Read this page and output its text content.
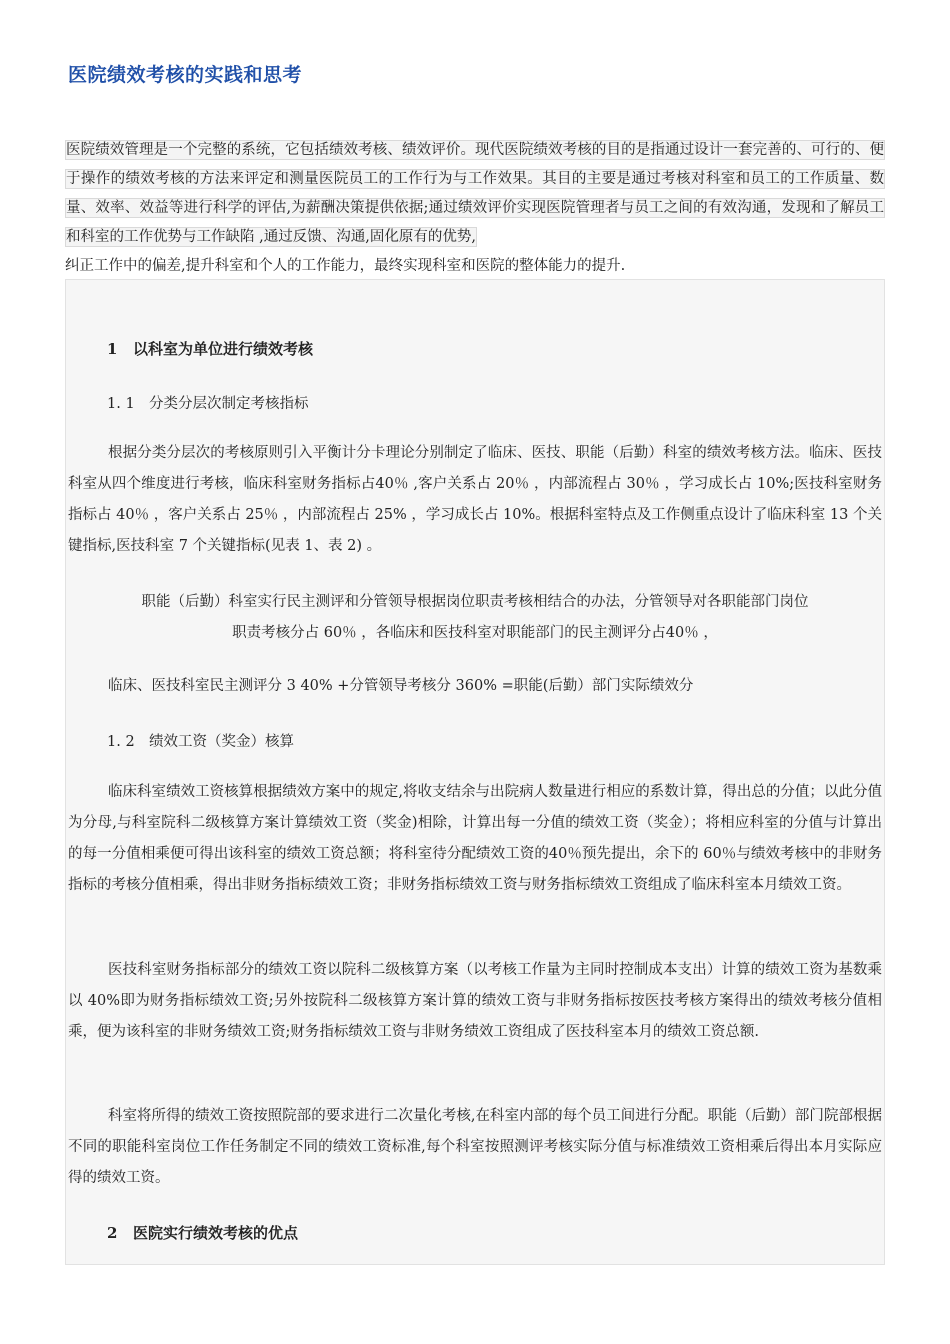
医院绩效考核的实践和思考

医院绩效管理是一个完整的系统，它包括绩效考核、绩效评价。现代医院绩效考核的目的是指通过设计一套完善的、可行的、便于操作的绩效考核的方法来评定和测量医院员工的工作行为与工作效果。其目的主要是通过考核对科室和员工的工作质量、数量、效率、效益等进行科学的评估,为薪酬决策提供依据;通过绩效评价实现医院管理者与员工之间的有效沟通，发现和了解员工和科室的工作优势与工作缺陷 ,通过反馈、沟通,固化原有的优势,
纠正工作中的偏差,提升科室和个人的工作能力，最终实现科室和医院的整体能力的提升.

1 以科室为单位进行绩效考核
1. 1 分类分层次制定考核指标

根据分类分层次的考核原则引入平衡计分卡理论分别制定了临床、医技、职能（后勤）科室的绩效考核方法。临床、医技科室从四个维度进行考核，临床科室财务指标占40％ ,客户关系占 20％ ，内部流程占 30％ ，学习成长占 10%;医技科室财务指标占 40％ ，客户关系占 25％ ，内部流程占 25% ，学习成长占 10%。根据科室特点及工作侧重点设计了临床科室 13 个关键指标,医技科室 7 个关键指标(见表 1、表 2) 。

职能（后勤）科室实行民主测评和分管领导根据岗位职责考核相结合的办法，分管领导对各职能部门岗位
职责考核分占 60％ ，各临床和医技科室对职能部门的民主测评分占40％ ，

临床、医技科室民主测评分 3 40% +分管领导考核分 360% =职能(后勤）部门实际绩效分

1. 2 绩效工资（奖金）核算

临床科室绩效工资核算根据绩效方案中的规定,将收支结余与出院病人数量进行相应的系数计算，得出总的分值；以此分值为分母,与科室院科二级核算方案计算绩效工资（奖金)相除，计算出每一分值的绩效工资（奖金）；将相应科室的分值与计算出的每一分值相乘便可得出该科室的绩效工资总额；将科室待分配绩效工资的40％预先提出，余下的 60％与绩效考核中的非财务指标的考核分值相乘，得出非财务指标绩效工资；非财务指标绩效工资与财务指标绩效工资组成了临床科室本月绩效工资。

医技科室财务指标部分的绩效工资以院科二级核算方案（以考核工作量为主同时控制成本支出）计算的绩效工资为基数乘以 40%即为财务指标绩效工资;另外按院科二级核算方案计算的绩效工资与非财务指标按医技考核方案得出的绩效考核分值相乘，便为该科室的非财务绩效工资;财务指标绩效工资与非财务绩效工资组成了医技科室本月的绩效工资总额.

科室将所得的绩效工资按照院部的要求进行二次量化考核,在科室内部的每个员工间进行分配。职能（后勤）部门院部根据不同的职能科室岗位工作任务制定不同的绩效工资标准,每个科室按照测评考核实际分值与标准绩效工资相乘后得出本月实际应得的绩效工资。

2 医院实行绩效考核的优点
